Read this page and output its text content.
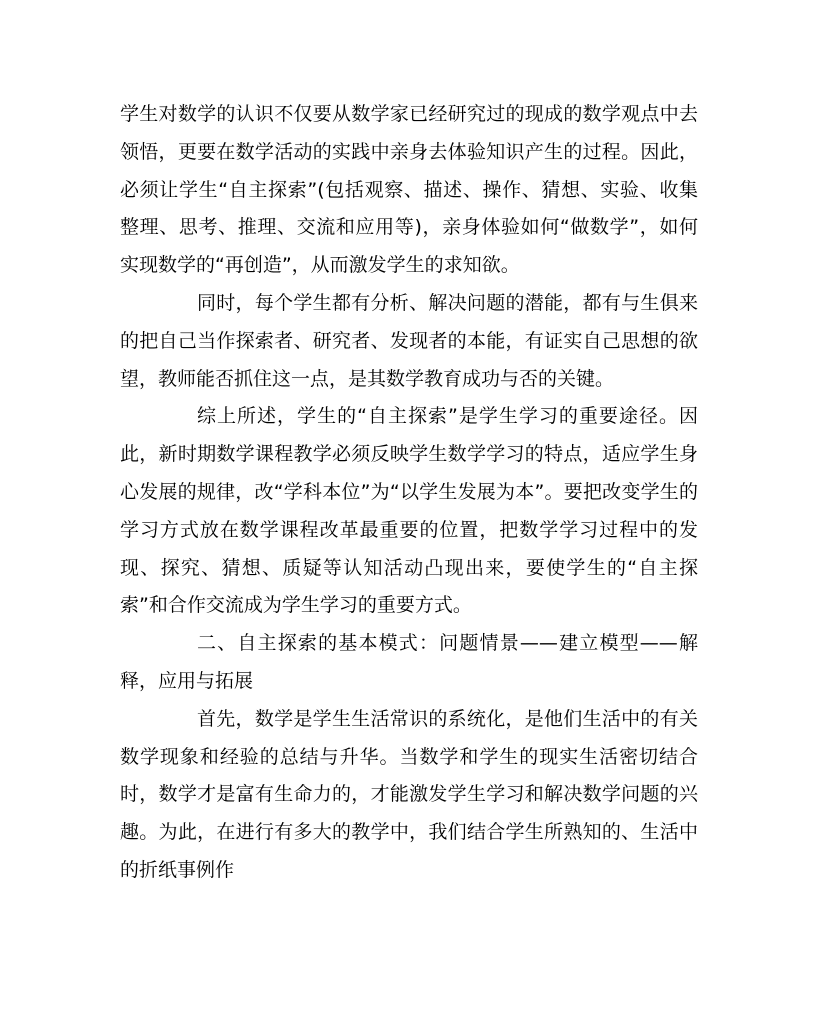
学生对数学的认识不仅要从数学家已经研究过的现成的数学观点中去领悟，更要在数学活动的实践中亲身去体验知识产生的过程。因此，必须让学生“自主探索”(包括观察、描述、操作、猜想、实验、收集整理、思考、推理、交流和应用等)，亲身体验如何“做数学”，如何实现数学的“再创造”，从而激发学生的求知欲。

同时，每个学生都有分析、解决问题的潜能，都有与生俱来的把自己当作探索者、研究者、发现者的本能，有证实自己思想的欲望，教师能否抓住这一点，是其数学教育成功与否的关键。

综上所述，学生的“自主探索”是学生学习的重要途径。因此，新时期数学课程教学必须反映学生数学学习的特点，适应学生身心发展的规律，改“学科本位”为“以学生发展为本”。要把改变学生的学习方式放在数学课程改革最重要的位置，把数学学习过程中的发现、探究、猜想、质疑等认知活动凸现出来，要使学生的“自主探索”和合作交流成为学生学习的重要方式。

二、自主探索的基本模式：问题情景——建立模型——解释，应用与拓展

首先，数学是学生生活常识的系统化，是他们生活中的有关数学现象和经验的总结与升华。当数学和学生的现实生活密切结合时，数学才是富有生命力的，才能激发学生学习和解决数学问题的兴趣。为此，在进行有多大的教学中，我们结合学生所熟知的、生活中的折纸事例作
